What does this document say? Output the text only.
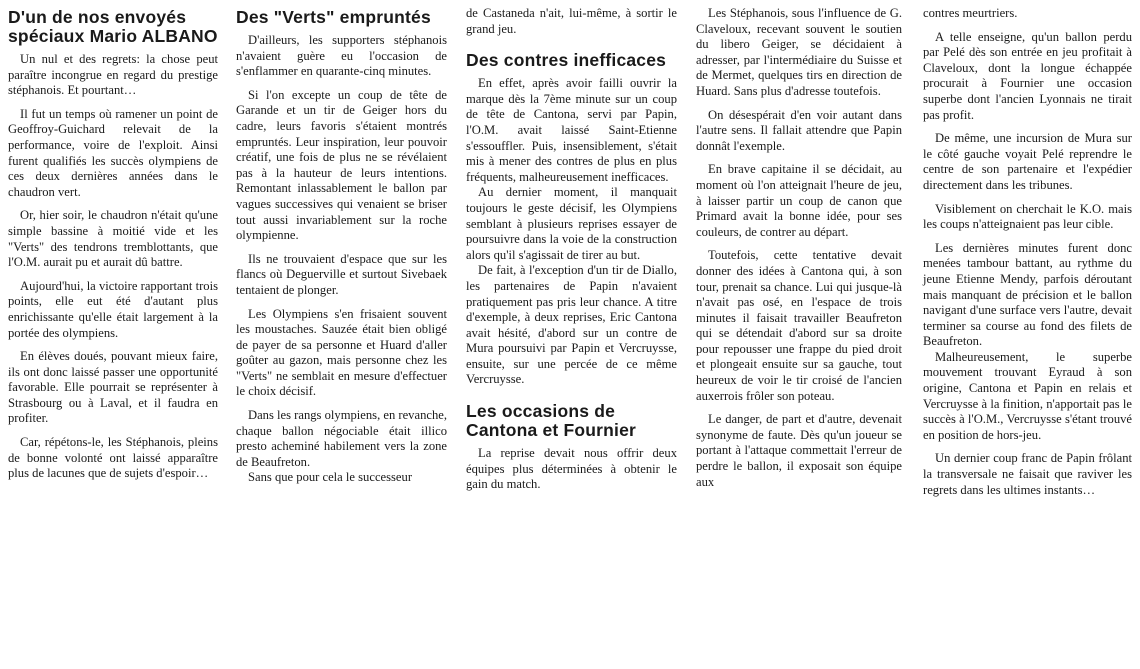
D'un de nos envoyés spéciaux Mario ALBANO

Un nul et des regrets: la chose peut paraître incongrue en regard du prestige stéphanois. Et pourtant…

Il fut un temps où ramener un point de Geoffroy-Guichard relevait de la performance, voire de l'exploit. Ainsi furent qualifiés les succès olympiens de ces deux dernières années dans le chaudron vert.

Or, hier soir, le chaudron n'était qu'une simple bassine à moitié vide et les "Verts" des tendrons tremblottants, que l'O.M. aurait pu et aurait dû battre.

Aujourd'hui, la victoire rapportant trois points, elle eut été d'autant plus enrichissante qu'elle était largement à la portée des olympiens.

En élèves doués, pouvant mieux faire, ils ont donc laissé passer une opportunité favorable. Elle pourrait se représenter à Strasbourg ou à Laval, et il faudra en profiter.

Car, répétons-le, les Stéphanois, pleins de bonne volonté ont laissé apparaître plus de lacunes que de sujets d'espoir…

Des "Verts" empruntés

D'ailleurs, les supporters stéphanois n'avaient guère eu l'occasion de s'enflammer en quarante-cinq minutes.

Si l'on excepte un coup de tête de Garande et un tir de Geiger hors du cadre, leurs favoris s'étaient montrés empruntés. Leur inspiration, leur pouvoir créatif, une fois de plus ne se révélaient pas à la hauteur de leurs intentions. Remontant inlassablement le ballon par vagues successives qui venaient se briser tout aussi invariablement sur la roche olympienne.

Ils ne trouvaient d'espace que sur les flancs où Deguerville et surtout Sivebaek tentaient de plonger.

Les Olympiens s'en frisaient souvent les moustaches. Sauzée était bien obligé de payer de sa personne et Huard d'aller goûter au gazon, mais personne chez les "Verts" ne semblait en mesure d'effectuer le choix décisif.

Dans les rangs olympiens, en revanche, chaque ballon négociable était illico presto acheminé habilement vers la zone de Beaufreton.

Sans que pour cela le successeur

de Castaneda n'ait, lui-même, à sortir le grand jeu.

Des contres inefficaces

En effet, après avoir failli ouvrir la marque dès la 7ème minute sur un coup de tête de Cantona, servi par Papin, l'O.M. avait laissé Saint-Etienne s'essouffler. Puis, insensiblement, s'était mis à mener des contres de plus en plus fréquents, malheureusement inefficaces.

Au dernier moment, il manquait toujours le geste décisif, les Olympiens semblant à plusieurs reprises essayer de poursuivre dans la voie de la construction alors qu'il s'agissait de tirer au but.

De fait, à l'exception d'un tir de Diallo, les partenaires de Papin n'avaient pratiquement pas pris leur chance. A titre d'exemple, à deux reprises, Eric Cantona avait hésité, d'abord sur un contre de Mura poursuivi par Papin et Vercruysse, ensuite, sur une percée de ce même Vercruysse.

Les occasions de Cantona et Fournier

La reprise devait nous offrir deux équipes plus déterminées à obtenir le gain du match.

Les Stéphanois, sous l'influence de G. Claveloux, recevant souvent le soutien du libero Geiger, se décidaient à adresser, par l'intermédiaire du Suisse et de Mermet, quelques tirs en direction de Huard. Sans plus d'adresse toutefois.

On désespérait d'en voir autant dans l'autre sens. Il fallait attendre que Papin donnât l'exemple.

En brave capitaine il se décidait, au moment où l'on atteignait l'heure de jeu, à laisser partir un coup de canon que Primard avait la bonne idée, pour ses couleurs, de contrer au départ.

Toutefois, cette tentative devait donner des idées à Cantona qui, à son tour, prenait sa chance. Lui qui jusque-là n'avait pas osé, en l'espace de trois minutes il faisait travailler Beaufreton qui se détendait d'abord sur sa droite pour repousser une frappe du pied droit et plongeait ensuite sur sa gauche, tout heureux de voir le tir croisé de l'ancien auxerrois frôler son poteau.

Le danger, de part et d'autre, devenait synonyme de faute. Dès qu'un joueur se portant à l'attaque commettait l'erreur de perdre le ballon, il exposait son équipe aux

contres meurtriers.

A telle enseigne, qu'un ballon perdu par Pelé dès son entrée en jeu profitait à Claveloux, dont la longue échappée procurait à Fournier une occasion superbe dont l'ancien Lyonnais ne tirait pas profit.

De même, une incursion de Mura sur le côté gauche voyait Pelé reprendre le centre de son partenaire et l'expédier directement dans les tribunes.

Visiblement on cherchait le K.O. mais les coups n'atteignaient pas leur cible.

Les dernières minutes furent donc menées tambour battant, au rythme du jeune Etienne Mendy, parfois déroutant mais manquant de précision et le ballon navigant d'une surface vers l'autre, devait terminer sa course au fond des filets de Beaufreton.

Malheureusement, le superbe mouvement trouvant Eyraud à son origine, Cantona et Papin en relais et Vercruysse à la finition, n'apportait pas le succès à l'O.M., Vercruysse s'étant trouvé en position de hors-jeu.

Un dernier coup franc de Papin frôlant la transversale ne faisait que raviver les regrets dans les ultimes instants…
